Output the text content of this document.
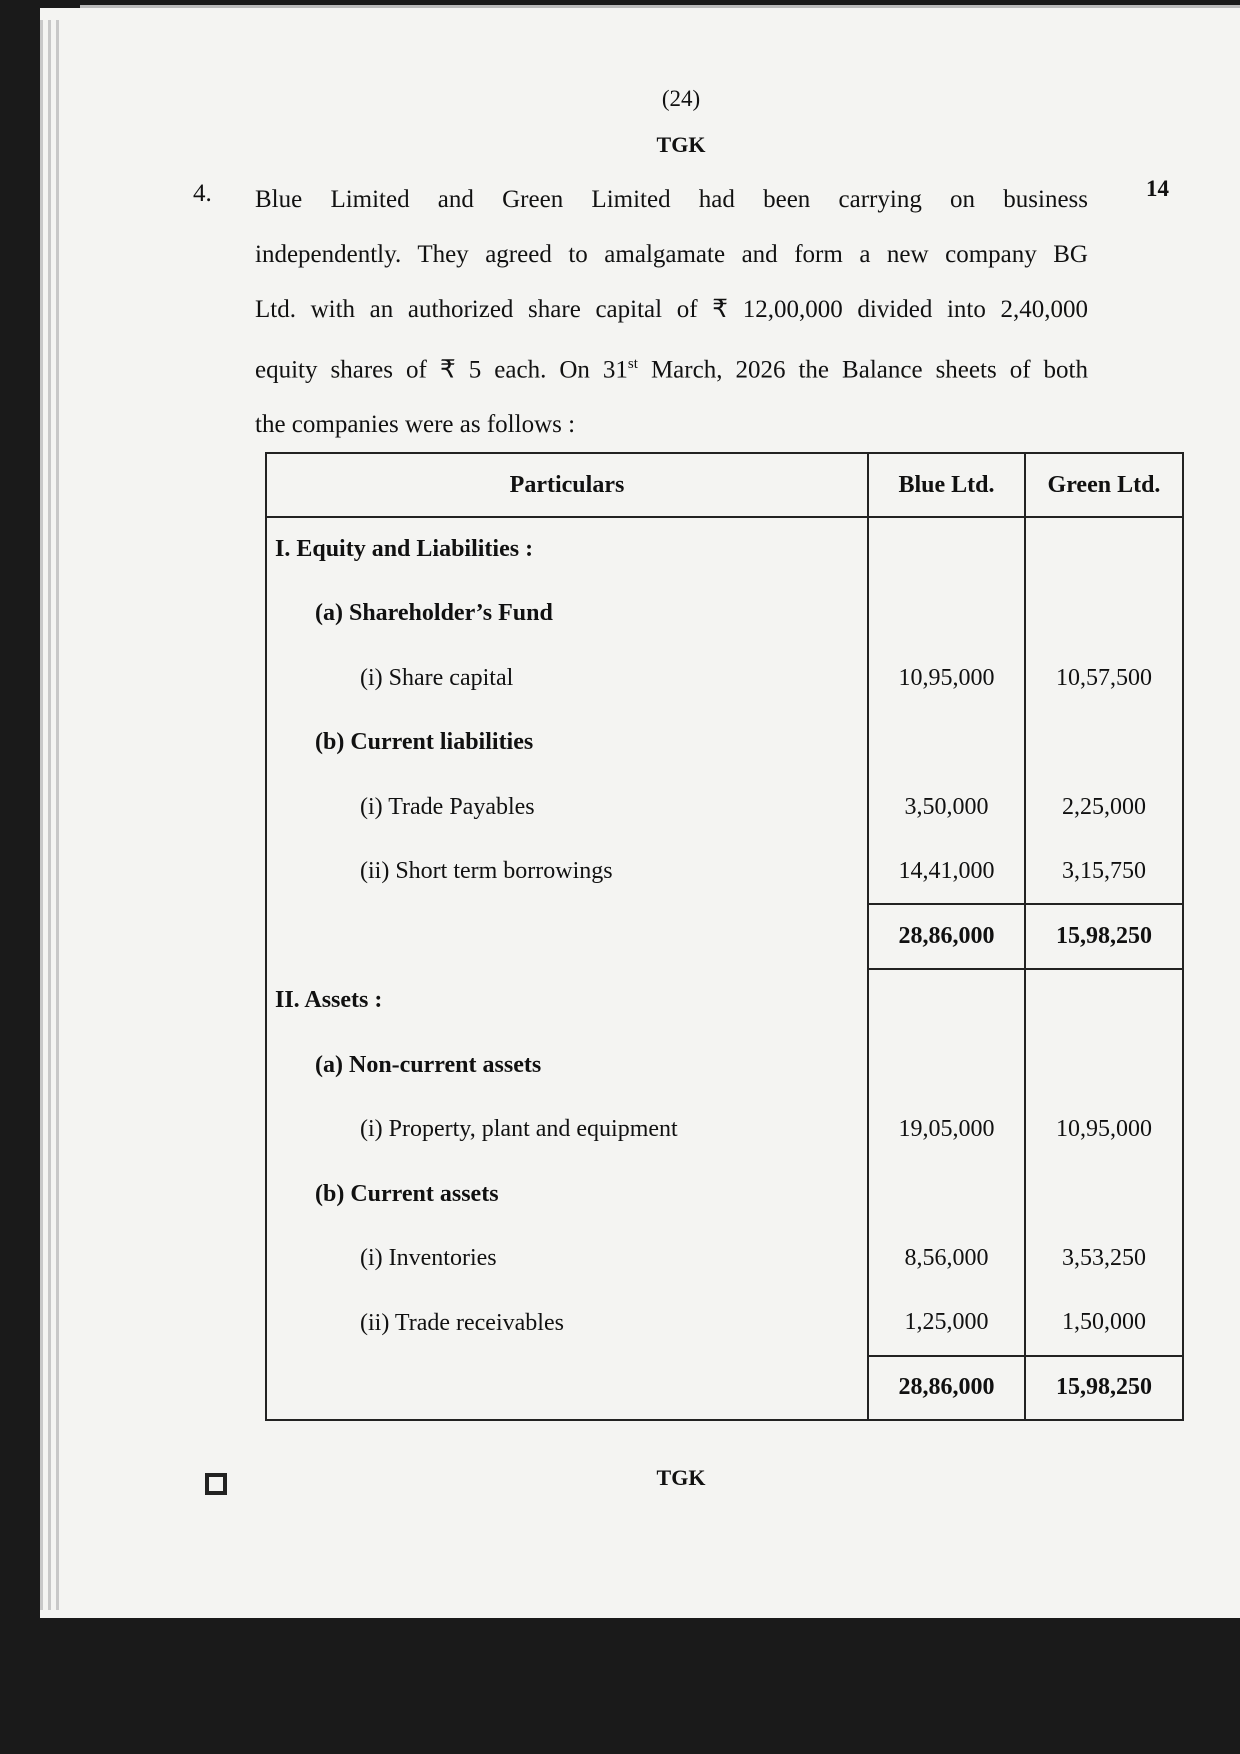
(24)
TGK
4.	14
Blue Limited and Green Limited had been carrying on business
independently. They agreed to amalgamate and form a new company BG
Ltd. with an authorized share capital of ₹ 12,00,000 divided into 2,40,000
equity shares of ₹ 5 each. On 31st March, 2026 the Balance sheets of both
the companies were as follows :
Particulars	Blue Ltd.	Green Ltd.
I. Equity and Liabilities :		
(a) Shareholder’s Fund		
(i) Share capital	10,95,000	10,57,500
(b) Current liabilities		
(i) Trade Payables	3,50,000	2,25,000
(ii) Short term borrowings	14,41,000	3,15,750
	28,86,000	15,98,250
II. Assets :		
(a) Non-current assets		
(i) Property, plant and equipment	19,05,000	10,95,000
(b) Current assets		
(i) Inventories	8,56,000	3,53,250
(ii) Trade receivables	1,25,000	1,50,000
	28,86,000	15,98,250
TGK
